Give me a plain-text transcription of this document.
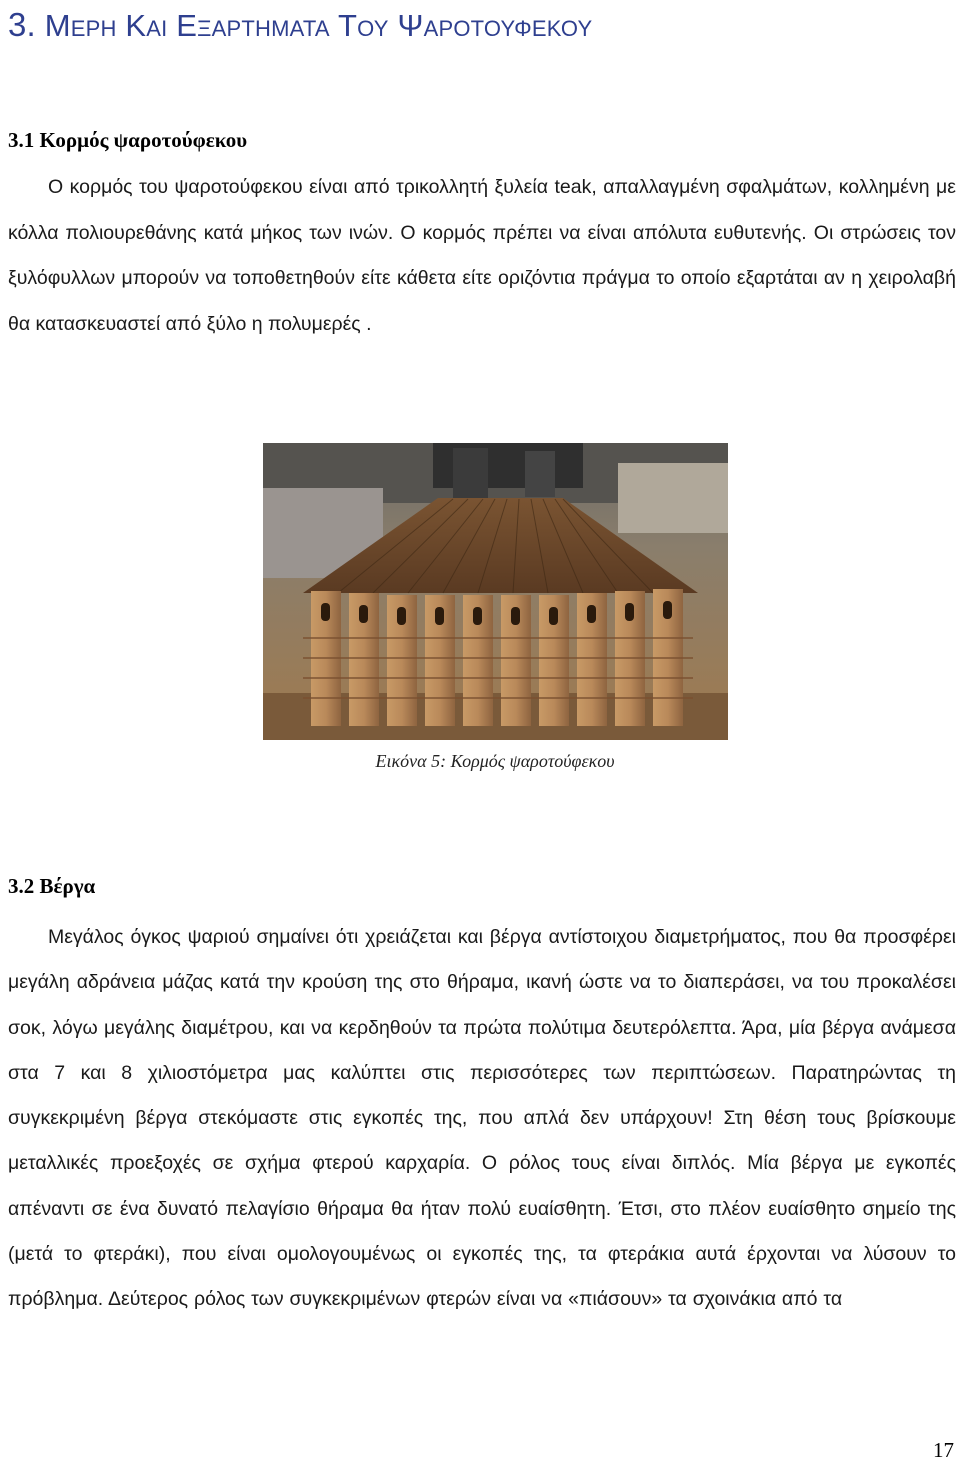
3. Μερη Και Εξαρτηματα Του Ψαροτουφεκου
3.1 Κορμός ψαροτούφεκου

Ο κορμός του ψαροτούφεκου είναι από τρικολλητή ξυλεία teak, απαλλαγμένη σφαλμάτων, κολλημένη με κόλλα πολιουρεθάνης κατά μήκος των ινών. Ο κορμός πρέπει να είναι απόλυτα ευθυτενής. Οι στρώσεις τον ξυλόφυλλων μπορούν να τοποθετηθούν είτε κάθετα είτε οριζόντια πράγμα το οποίο εξαρτάται αν η χειρολαβή θα κατασκευαστεί από ξύλο η πολυμερές .

Εικόνα 5: Κορμός ψαροτούφεκου
3.2 Βέργα

Μεγάλος όγκος ψαριού σημαίνει ότι χρειάζεται και βέργα αντίστοιχου διαμετρήματος, που θα προσφέρει μεγάλη αδράνεια μάζας κατά την κρούση της στο θήραμα, ικανή ώστε να το διαπεράσει, να του προκαλέσει σοκ, λόγω μεγάλης διαμέτρου, και να κερδηθούν τα πρώτα πολύτιμα δευτερόλεπτα. Άρα, μία βέργα ανάμεσα στα 7 και 8 χιλιοστόμετρα μας καλύπτει στις περισσότερες των περιπτώσεων. Παρατηρώντας τη συγκεκριμένη βέργα στεκόμαστε στις εγκοπές της, που απλά δεν υπάρχουν! Στη θέση τους βρίσκουμε μεταλλικές προεξοχές σε σχήμα φτερού καρχαρία. Ο ρόλος τους είναι διπλός. Μία βέργα με εγκοπές απέναντι σε ένα δυνατό πελαγίσιο θήραμα θα ήταν πολύ ευαίσθητη. Έτσι, στο πλέον ευαίσθητο σημείο της (μετά το φτεράκι), που είναι ομολογουμένως οι εγκοπές της, τα φτεράκια αυτά έρχονται να λύσουν το πρόβλημα. Δεύτερος ρόλος των συγκεκριμένων φτερών είναι να «πιάσουν» τα σχοινάκια από τα

17
